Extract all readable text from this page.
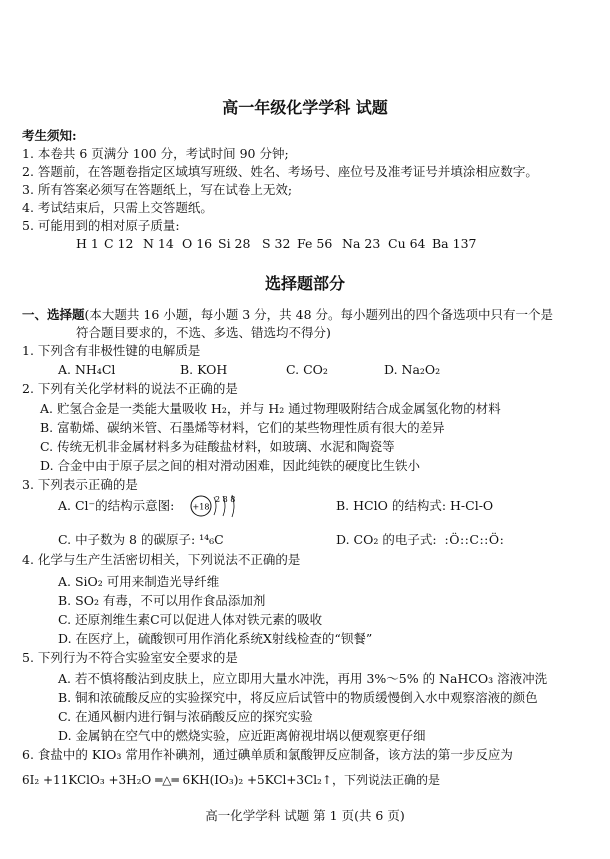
高一年级化学学科 试题
考生须知:
1. 本卷共 6 页满分 100 分，考试时间 90 分钟;
2. 答题前，在答题卷指定区域填写班级、姓名、考场号、座位号及准考证号并填涂相应数字。
3. 所有答案必须写在答题纸上，写在试卷上无效;
4. 考试结束后，只需上交答题纸。
5. 可能用到的相对原子质量:
H 1 C 12 N 14 O 16 Si 28 S 32 Fe 56 Na 23 Cu 64 Ba 137
选择题部分
一、选择题(本大题共 16 小题，每小题 3 分，共 48 分。每小题列出的四个备选项中只有一个是
符合题目要求的，不选、多选、错选均不得分)
1. 下列含有非极性键的电解质是
A. NH₄Cl	B. KOH	C. CO₂	D. Na₂O₂
2. 下列有关化学材料的说法不正确的是
A. 贮氢合金是一类能大量吸收 H₂，并与 H₂ 通过物理吸附结合成金属氢化物的材料
B. 富勒烯、碳纳米管、石墨烯等材料，它们的某些物理性质有很大的差异
C. 传统无机非金属材料多为硅酸盐材料，如玻璃、水泥和陶瓷等
D. 合金中由于原子层之间的相对滑动困难，因此纯铁的硬度比生铁小
3. 下列表示正确的是
A. Cl⁻的结构示意图: +18
2 8 8	B. HClO 的结构式: H-Cl-O
C. 中子数为 8 的碳原子: ¹⁴₆C	D. CO₂ 的电子式: :Ö::C::Ö:
4. 化学与生产生活密切相关，下列说法不正确的是
A. SiO₂ 可用来制造光导纤维
B. SO₂ 有毒，不可以用作食品添加剂
C. 还原剂维生素C可以促进人体对铁元素的吸收
D. 在医疗上，硫酸钡可用作消化系统X射线检查的“钡餐”
5. 下列行为不符合实验室安全要求的是
A. 若不慎将酸沾到皮肤上，应立即用大量水冲洗，再用 3%～5% 的 NaHCO₃ 溶液冲洗
B. 铜和浓硫酸反应的实验探究中，将反应后试管中的物质缓慢倒入水中观察溶液的颜色
C. 在通风橱内进行铜与浓硝酸反应的探究实验
D. 金属钠在空气中的燃烧实验，应近距离俯视坩埚以便观察更仔细
6. 食盐中的 KIO₃ 常用作补碘剂，通过碘单质和氯酸钾反应制备，该方法的第一步反应为
6I₂ +11KClO₃ +3H₂O ═△═ 6KH(IO₃)₂ +5KCl+3Cl₂↑，下列说法正确的是
高一化学学科 试题 第 1 页(共 6 页)
